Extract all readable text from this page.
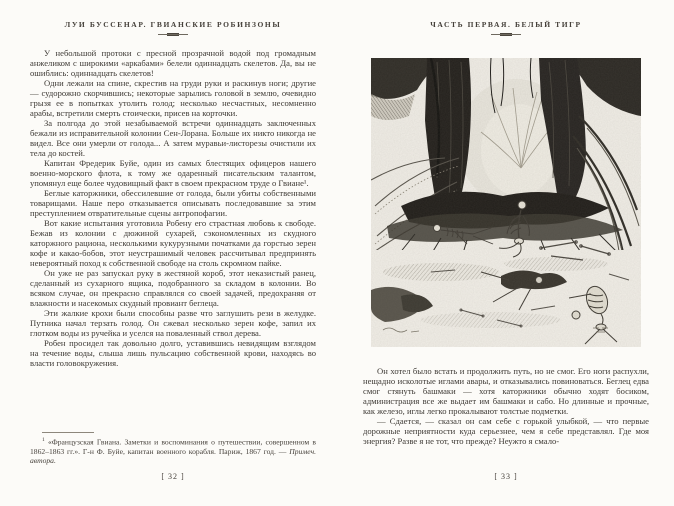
ЛУИ БУССЕНАР. ГВИАНСКИЕ РОБИНЗОНЫ

У небольшой протоки с пресной прозрачной водой под громадным анжеликом с широкими «аркабами» белели одиннадцать скелетов. Да, вы не ошиблись: одиннадцать скелетов!

Одни лежали на спине, скрестив на груди руки и раскинув ноги; другие — судорожно скорчившись; некоторые зарылись головой в землю, очевидно грызя ее в попытках утолить голод; несколько несчастных, несомненно арабы, встретили смерть стоически, присев на корточки.

За полгода до этой незабываемой встречи одиннадцать заключенных бежали из исправительной колонии Сен-Лорана. Больше их никто никогда не видел. Все они умерли от голода... А затем муравьи-листорезы очистили их тела до костей.

Капитан Фредерик Буйе, один из самых блестящих офицеров нашего военно-морского флота, к тому же одаренный писательским талантом, упомянул еще более чудовищный факт в своем прекрасном труде о Гвиане¹.

Беглые каторжники, обессилевшие от голода, были убиты собственными товарищами. Наше перо отказывается описывать последовавшие за этим преступлением отвратительные сцены антропофагии.

Вот какие испытания уготовила Робену его страстная любовь к свободе. Бежав из колонии с дюжиной сухарей, сэкономленных из скудного каторжного рациона, несколькими кукурузными початками да горстью зерен кофе и какао-бобов, этот неустрашимый человек рассчитывал предпринять невероятный поход к собственной свободе на столь скромном пайке.

Он уже не раз запускал руку в жестяной короб, этот неказистый ранец, сделанный из сухарного ящика, подобранного за складом в колонии. Во всяком случае, он прекрасно справлялся со своей задачей, предохраняя от влажности и насекомых скудный провиант беглеца.

Эти жалкие крохи были способны разве что заглушить рези в желудке. Путника начал терзать голод. Он сжевал несколько зерен кофе, запил их глотком воды из ручейка и уселся на поваленный ствол дерева.

Робен просидел так довольно долго, уставившись невидящим взглядом на течение воды, слыша лишь пульсацию собственной крови, находясь во власти головокружения.

$^1$ «Французская Гвиана. Заметки и воспоминания о путешествии, совершенном в 1862–1863 гг.». Г-н Ф. Буйе, капитан военного корабля. Париж, 1867 год. — Примеч. автора.
[ 32 ]
ЧАСТЬ ПЕРВАЯ. БЕЛЫЙ ТИГР

Он хотел было встать и продолжить путь, но не смог. Его ноги распухли, нещадно исколотые иглами авары, и отказывались повиноваться. Беглец едва смог стянуть башмаки — хотя каторжники обычно ходят босиком, администрация все же выдает им башмаки и сабо. Но длинные и прочные, как железо, иглы легко прокалывают толстые подметки.

— Сдается, — сказал он сам себе с горькой улыбкой, — что первые дорожные неприятности куда серьезнее, чем я себе представлял. Где моя энергия? Разве я не тот, что прежде? Неужто я смало-

[ 33 ]
